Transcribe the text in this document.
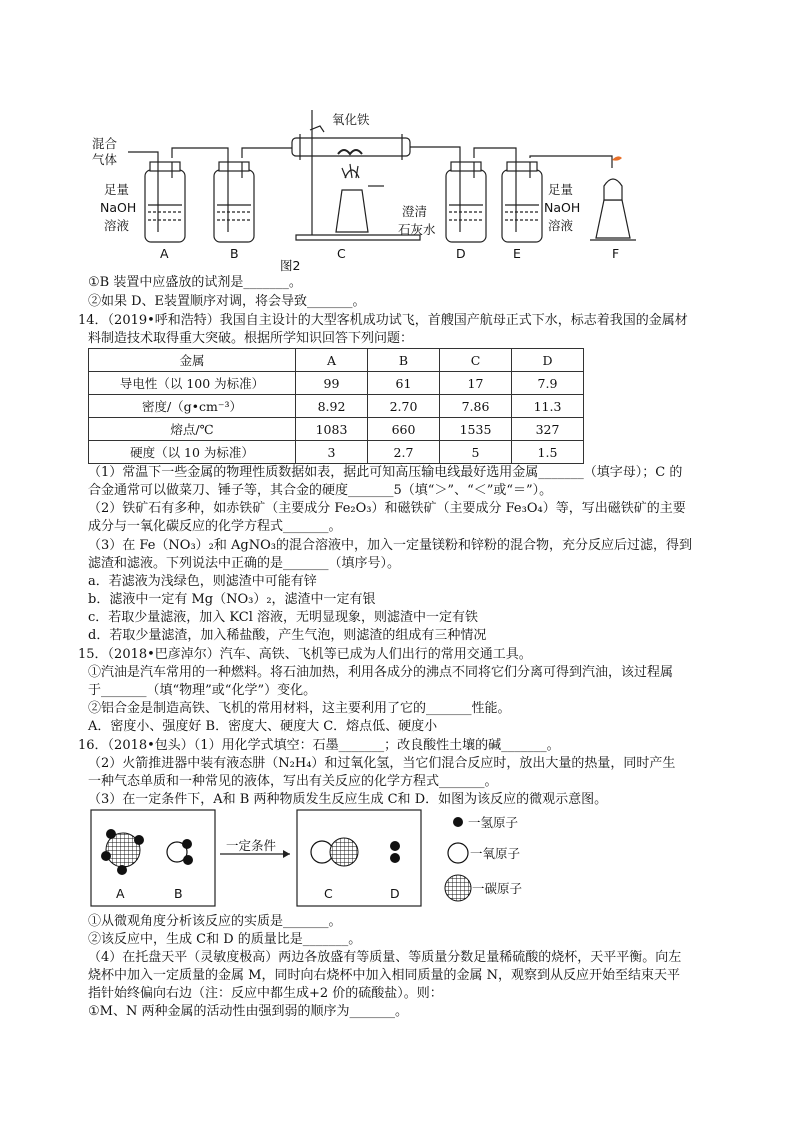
混合
气体
足量
NaOH
溶液
氧化铁
澄清
石灰水
足量
NaOH
溶液
A	B	C	D	E	F
图2
①B 装置中应盛放的试剂是_______。
②如果 D、E装置顺序对调，将会导致_______。
14．（2019•呼和浩特）我国自主设计的大型客机成功试飞，首艘国产航母正式下水，标志着我国的金属材
料制造技术取得重大突破。根据所学知识回答下列问题：
金属	A	B	C	D
导电性（以 100 为标准）	99	61	17	7.9
密度/（g•cm⁻³）	8.92	2.70	7.86	11.3
熔点/℃	1083	660	1535	327
硬度（以 10 为标准）	3	2.7	5	1.5
（1）常温下一些金属的物理性质数据如表，据此可知高压输电线最好选用金属_______（填字母）；C 的
合金通常可以做菜刀、锤子等，其合金的硬度_______5（填“＞”、“＜”或“＝”）。
（2）铁矿石有多种，如赤铁矿（主要成分 Fe₂O₃）和磁铁矿（主要成分 Fe₃O₄）等，写出磁铁矿的主要
成分与一氧化碳反应的化学方程式_______。
（3）在 Fe（NO₃）₂和 AgNO₃的混合溶液中，加入一定量镁粉和锌粉的混合物，充分反应后过滤，得到
滤渣和滤液。下列说法中正确的是_______（填序号）。
a．若滤液为浅绿色，则滤渣中可能有锌
b．滤液中一定有 Mg（NO₃）₂，滤渣中一定有银
c．若取少量滤液，加入 KCl 溶液，无明显现象，则滤渣中一定有铁
d．若取少量滤渣，加入稀盐酸，产生气泡，则滤渣的组成有三种情况
15．（2018•巴彦淖尔）汽车、高铁、飞机等已成为人们出行的常用交通工具。
①汽油是汽车常用的一种燃料。将石油加热，利用各成分的沸点不同将它们分离可得到汽油，该过程属
于_______（填“物理”或“化学”）变化。
②铝合金是制造高铁、飞机的常用材料，这主要利用了它的_______性能。
A．密度小、强度好 B．密度大、硬度大 C．熔点低、硬度小
16．（2018•包头）（1）用化学式填空：石墨_______；改良酸性土壤的碱_______。
（2）火箭推进器中装有液态肼（N₂H₄）和过氧化氢，当它们混合反应时，放出大量的热量，同时产生
一种气态单质和一种常见的液体，写出有关反应的化学方程式_______。
（3）在一定条件下，A和 B 两种物质发生反应生成 C和 D．如图为该反应的微观示意图。
一定条件
A	B	C	D
一氢原子
一氧原子
一碳原子
①从微观角度分析该反应的实质是_______。
②该反应中，生成 C和 D 的质量比是_______。
（4）在托盘天平（灵敏度极高）两边各放盛有等质量、等质量分数足量稀硫酸的烧杯，天平平衡。向左
烧杯中加入一定质量的金属 M，同时向右烧杯中加入相同质量的金属 N，观察到从反应开始至结束天平
指针始终偏向右边（注：反应中都生成+2 价的硫酸盐）。则：
①M、N 两种金属的活动性由强到弱的顺序为_______。
